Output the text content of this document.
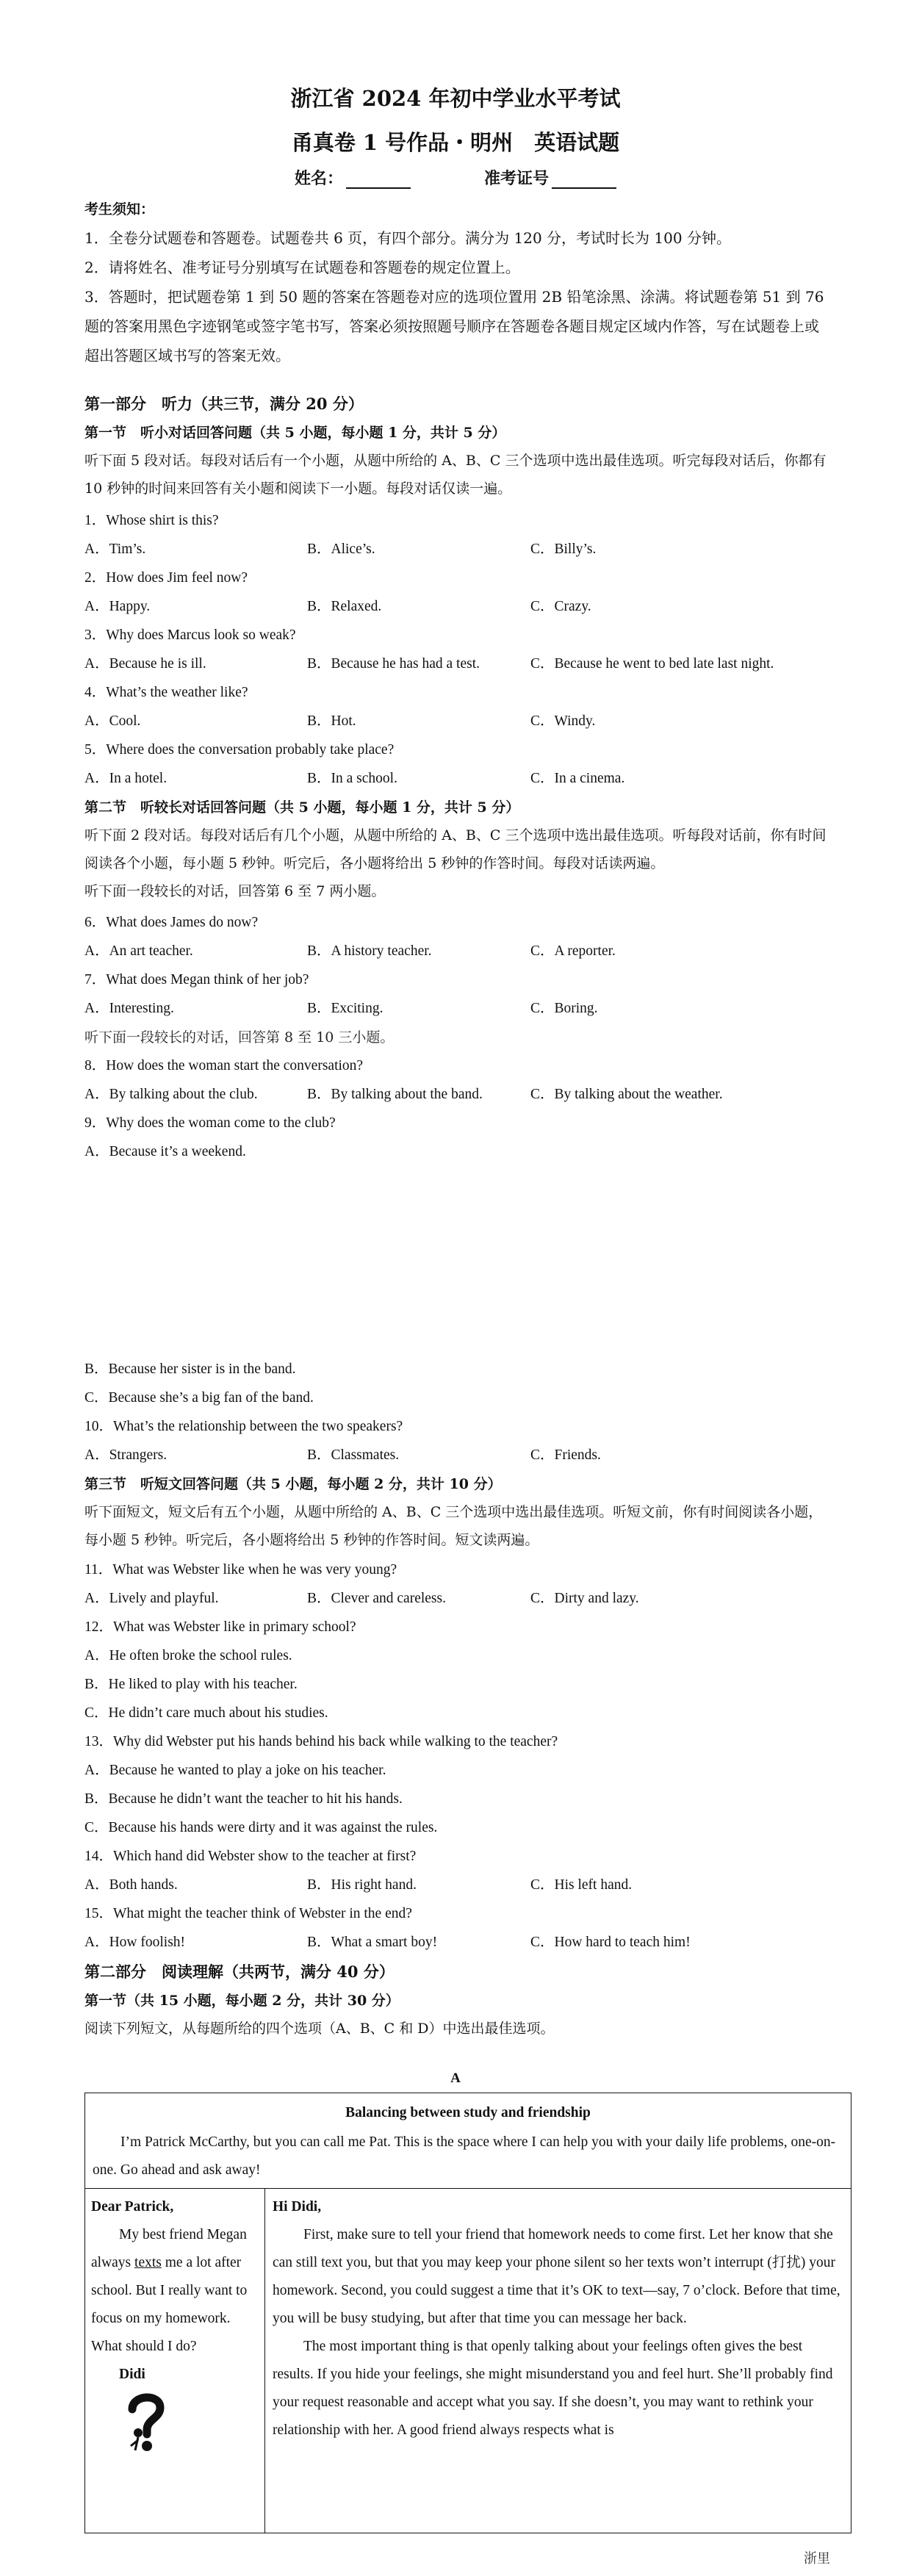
浙江省 2024 年初中学业水平考试
甬真卷 1 号作品・明州　英语试题
姓名：	准考证号

考生须知：

1．全卷分试题卷和答题卷。试题卷共 6 页，有四个部分。满分为 120 分，考试时长为 100 分钟。

2．请将姓名、准考证号分别填写在试题卷和答题卷的规定位置上。

3．答题时，把试题卷第 1 到 50 题的答案在答题卷对应的选项位置用 2B 铅笔涂黑、涂满。将试题卷第 51 到 76 题的答案用黑色字迹钢笔或签字笔书写，答案必须按照题号顺序在答题卷各题目规定区域内作答，写在试题卷上或超出答题区域书写的答案无效。

第一部分　听力（共三节，满分 20 分）

第一节　听小对话回答问题（共 5 小题，每小题 1 分，共计 5 分）

听下面 5 段对话。每段对话后有一个小题，从题中所给的 A、B、C 三个选项中选出最佳选项。听完每段对话后，你都有 10 秒钟的时间来回答有关小题和阅读下一小题。每段对话仅读一遍。

1．Whose shirt is this?
A．Tim’s.	B．Alice’s.	C．Billy’s.
2．How does Jim feel now?
A．Happy.	B．Relaxed.	C．Crazy.
3．Why does Marcus look so weak?
A．Because he is ill.	B．Because he has had a test.	C．Because he went to bed late last night.
4．What’s the weather like?
A．Cool.	B．Hot.	C．Windy.
5．Where does the conversation probably take place?
A．In a hotel.	B．In a school.	C．In a cinema.

第二节　听较长对话回答问题（共 5 小题，每小题 1 分，共计 5 分）

听下面 2 段对话。每段对话后有几个小题，从题中所给的 A、B、C 三个选项中选出最佳选项。听每段对话前，你有时间阅读各个小题，每小题 5 秒钟。听完后，各小题将给出 5 秒钟的作答时间。每段对话读两遍。

听下面一段较长的对话，回答第 6 至 7 两小题。

6．What does James do now?
A．An art teacher.	B．A history teacher.	C．A reporter.
7．What does Megan think of her job?
A．Interesting.	B．Exciting.	C．Boring.
听下面一段较长的对话，回答第 8 至 10 三小题。
8．How does the woman start the conversation?
A．By talking about the club.	B．By talking about the band.	C．By talking about the weather.
9．Why does the woman come to the club?
A．Because it’s a weekend.
B．Because her sister is in the band.
C．Because she’s a big fan of the band.
10．What’s the relationship between the two speakers?
A．Strangers.	B．Classmates.	C．Friends.

第三节　听短文回答问题（共 5 小题，每小题 2 分，共计 10 分）

听下面短文，短文后有五个小题，从题中所给的 A、B、C 三个选项中选出最佳选项。听短文前，你有时间阅读各小题，每小题 5 秒钟。听完后，各小题将给出 5 秒钟的作答时间。短文读两遍。

11．What was Webster like when he was very young?
A．Lively and playful.	B．Clever and careless.	C．Dirty and lazy.
12．What was Webster like in primary school?
A．He often broke the school rules.
B．He liked to play with his teacher.
C．He didn’t care much about his studies.
13．Why did Webster put his hands behind his back while walking to the teacher?
A．Because he wanted to play a joke on his teacher.
B．Because he didn’t want the teacher to hit his hands.
C．Because his hands were dirty and it was against the rules.
14．Which hand did Webster show to the teacher at first?
A．Both hands.	B．His right hand.	C．His left hand.
15．What might the teacher think of Webster in the end?
A．How foolish!	B．What a smart boy!	C．How hard to teach him!

第二部分　阅读理解（共两节，满分 40 分）

第一节（共 15 小题，每小题 2 分，共计 30 分）

阅读下列短文，从每题所给的四个选项（A、B、C 和 D）中选出最佳选项。

A
Balancing between study and friendship
I’m Patrick McCarthy, but you can call me Pat. This is the space where I can help you with your daily life problems, one-on-one. Go ahead and ask away!
Dear Patrick,
My best friend Megan always texts me a lot after school. But I really want to focus on my homework. What should I do?
Didi
Hi Didi,

First, make sure to tell your friend that homework needs to come first. Let her know that she can still text you, but that you may keep your phone silent so her texts won’t interrupt (打扰) your homework. Second, you could suggest a time that it’s OK to text—say, 7 o’clock. Before that time, you will be busy studying, but after that time you can message her back.

The most important thing is that openly talking about your feelings often gives the best results. If you hide your feelings, she might misunderstand you and feel hurt. She’ll probably find your request reasonable and accept what you say. If she doesn’t, you may want to rethink your relationship with her. A good friend always respects what is

浙里
